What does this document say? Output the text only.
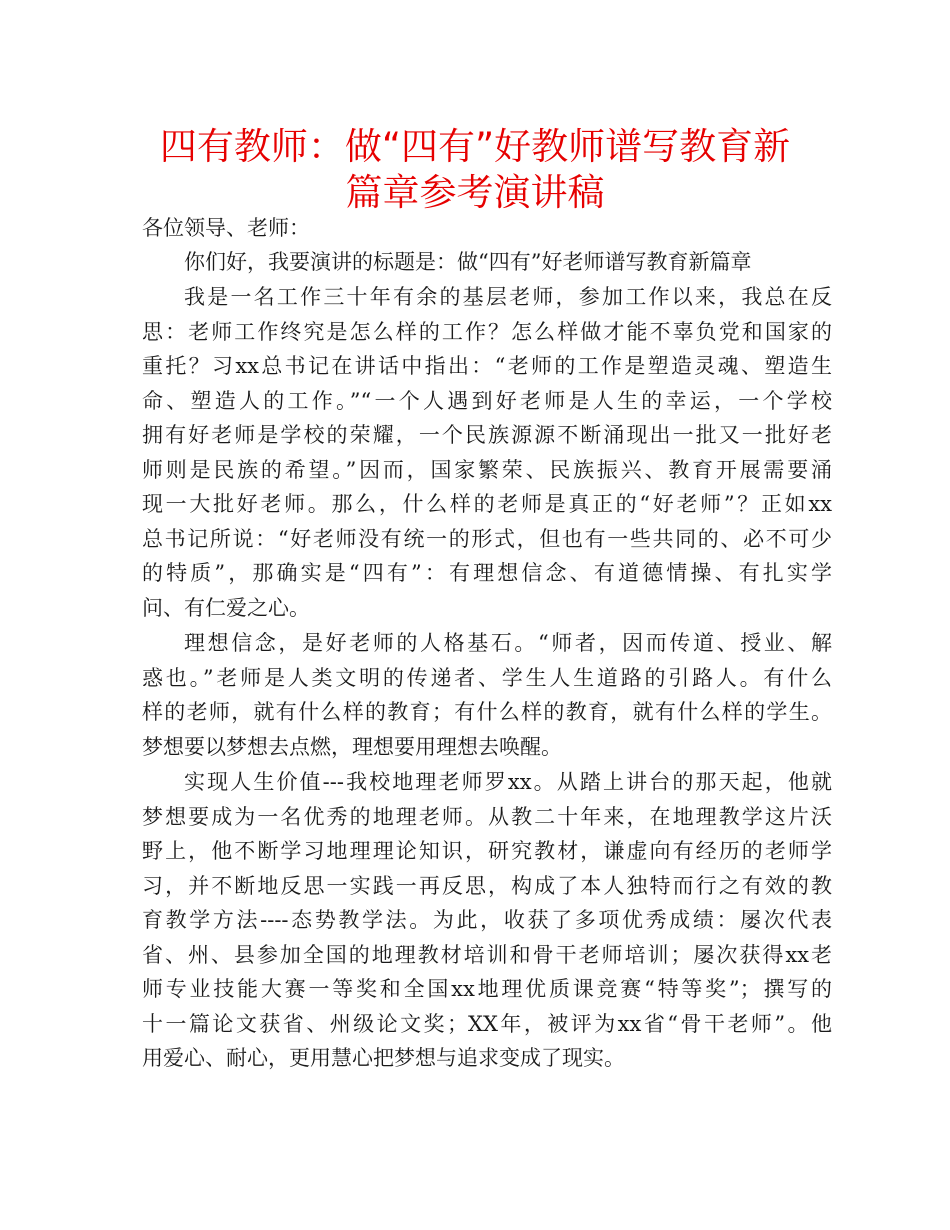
四有教师：做“四有”好教师谱写教育新
篇章参考演讲稿
各位领导、老师：
你们好，我要演讲的标题是：做“四有”好老师谱写教育新篇章
我是一名工作三十年有余的基层老师，参加工作以来，我总在反
思：老师工作终究是怎么样的工作？怎么样做才能不辜负党和国家的
重托？习xx总书记在讲话中指出：“老师的工作是塑造灵魂、塑造生
命、塑造人的工作。”“一个人遇到好老师是人生的幸运，一个学校
拥有好老师是学校的荣耀，一个民族源源不断涌现出一批又一批好老
师则是民族的希望。”因而，国家繁荣、民族振兴、教育开展需要涌
现一大批好老师。那么，什么样的老师是真正的“好老师”？正如xx
总书记所说：“好老师没有统一的形式，但也有一些共同的、必不可少
的特质”，那确实是“四有”：有理想信念、有道德情操、有扎实学
问、有仁爱之心。
理想信念，是好老师的人格基石。“师者，因而传道、授业、解
惑也。”老师是人类文明的传递者、学生人生道路的引路人。有什么
样的老师，就有什么样的教育；有什么样的教育，就有什么样的学生。
梦想要以梦想去点燃，理想要用理想去唤醒。
实现人生价值---我校地理老师罗xx。从踏上讲台的那天起，他就
梦想要成为一名优秀的地理老师。从教二十年来，在地理教学这片沃
野上，他不断学习地理理论知识，研究教材，谦虚向有经历的老师学
习，并不断地反思一实践一再反思，构成了本人独特而行之有效的教
育教学方法----态势教学法。为此，收获了多项优秀成绩：屡次代表
省、州、县参加全国的地理教材培训和骨干老师培训；屡次获得xx老
师专业技能大赛一等奖和全国xx地理优质课竞赛“特等奖”；撰写的
十一篇论文获省、州级论文奖；XX年，被评为xx省“骨干老师”。他
用爱心、耐心，更用慧心把梦想与追求变成了现实。
